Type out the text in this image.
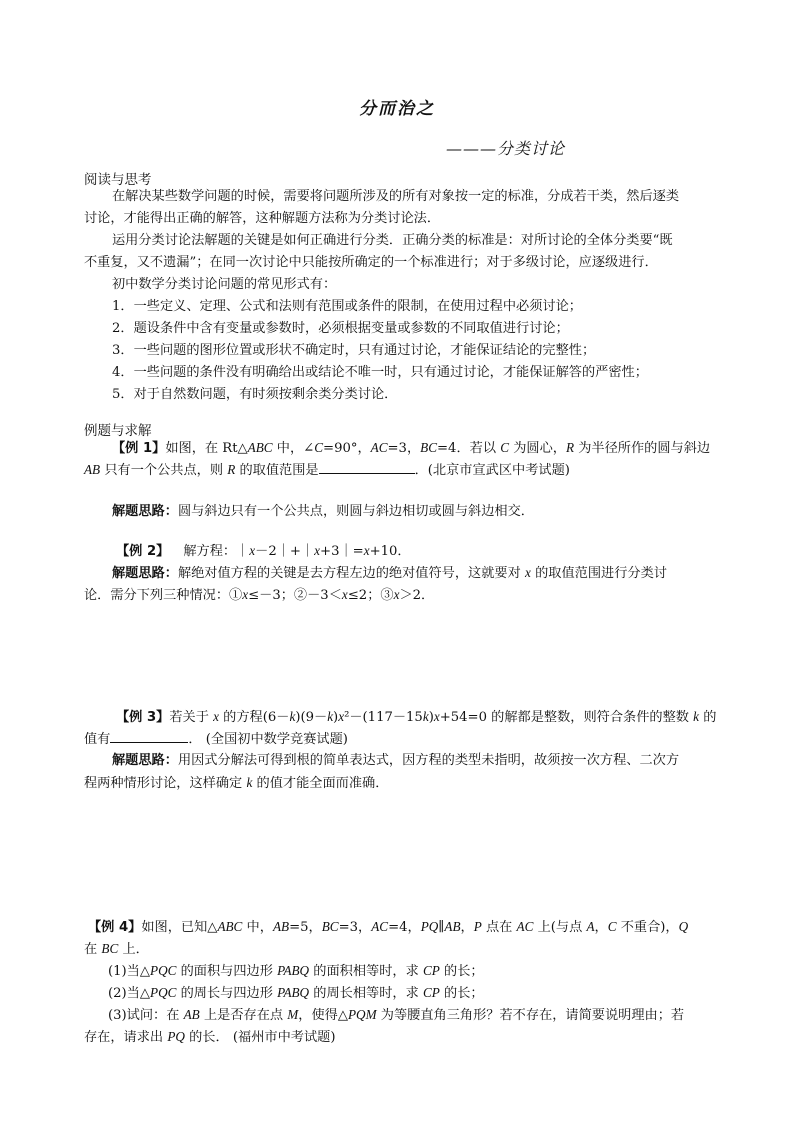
分而治之
———分类讨论
阅读与思考
在解决某些数学问题的时候，需要将问题所涉及的所有对象按一定的标准，分成若干类，然后逐类
讨论，才能得出正确的解答，这种解题方法称为分类讨论法．
运用分类讨论法解题的关键是如何正确进行分类．正确分类的标准是：对所讨论的全体分类要“既
不重复，又不遗漏”；在同一次讨论中只能按所确定的一个标准进行；对于多级讨论，应逐级进行．
初中数学分类讨论问题的常见形式有：
1．一些定义、定理、公式和法则有范围或条件的限制，在使用过程中必须讨论；
2．题设条件中含有变量或参数时，必须根据变量或参数的不同取值进行讨论；
3．一些问题的图形位置或形状不确定时，只有通过讨论，才能保证结论的完整性；
4．一些问题的条件没有明确给出或结论不唯一时，只有通过讨论，才能保证解答的严密性；
5．对于自然数问题，有时须按剩余类分类讨论．
例题与求解
【例 1】如图，在 Rt△ABC 中，∠C=90°，AC=3，BC=4．若以 C 为圆心，R 为半径所作的圆与斜边
AB 只有一个公共点，则 R 的取值范围是	．(北京市宣武区中考试题)
解题思路：圆与斜边只有一个公共点，则圆与斜边相切或圆与斜边相交．
【例 2】 解方程：｜x－2｜+｜x+3｜=x+10．
解题思路：解绝对值方程的关键是去方程左边的绝对值符号，这就要对 x 的取值范围进行分类讨
论．需分下列三种情况：①x≤－3；②－3＜x≤2；③x＞2．
【例 3】若关于 x 的方程(6－k)(9－k)x²－(117－15k)x+54=0 的解都是整数，则符合条件的整数 k 的
值有	． (全国初中数学竞赛试题)
解题思路：用因式分解法可得到根的简单表达式，因方程的类型未指明，故须按一次方程、二次方
程两种情形讨论，这样确定 k 的值才能全面而准确．
【例 4】如图，已知△ABC 中，AB=5，BC=3，AC=4，PQ∥AB，P 点在 AC 上(与点 A，C 不重合)，Q
在 BC 上．
(1)当△PQC 的面积与四边形 PABQ 的面积相等时，求 CP 的长；
(2)当△PQC 的周长与四边形 PABQ 的周长相等时，求 CP 的长；
(3)试问：在 AB 上是否存在点 M，使得△PQM 为等腰直角三角形？若不存在，请简要说明理由；若
存在，请求出 PQ 的长． (福州市中考试题)
